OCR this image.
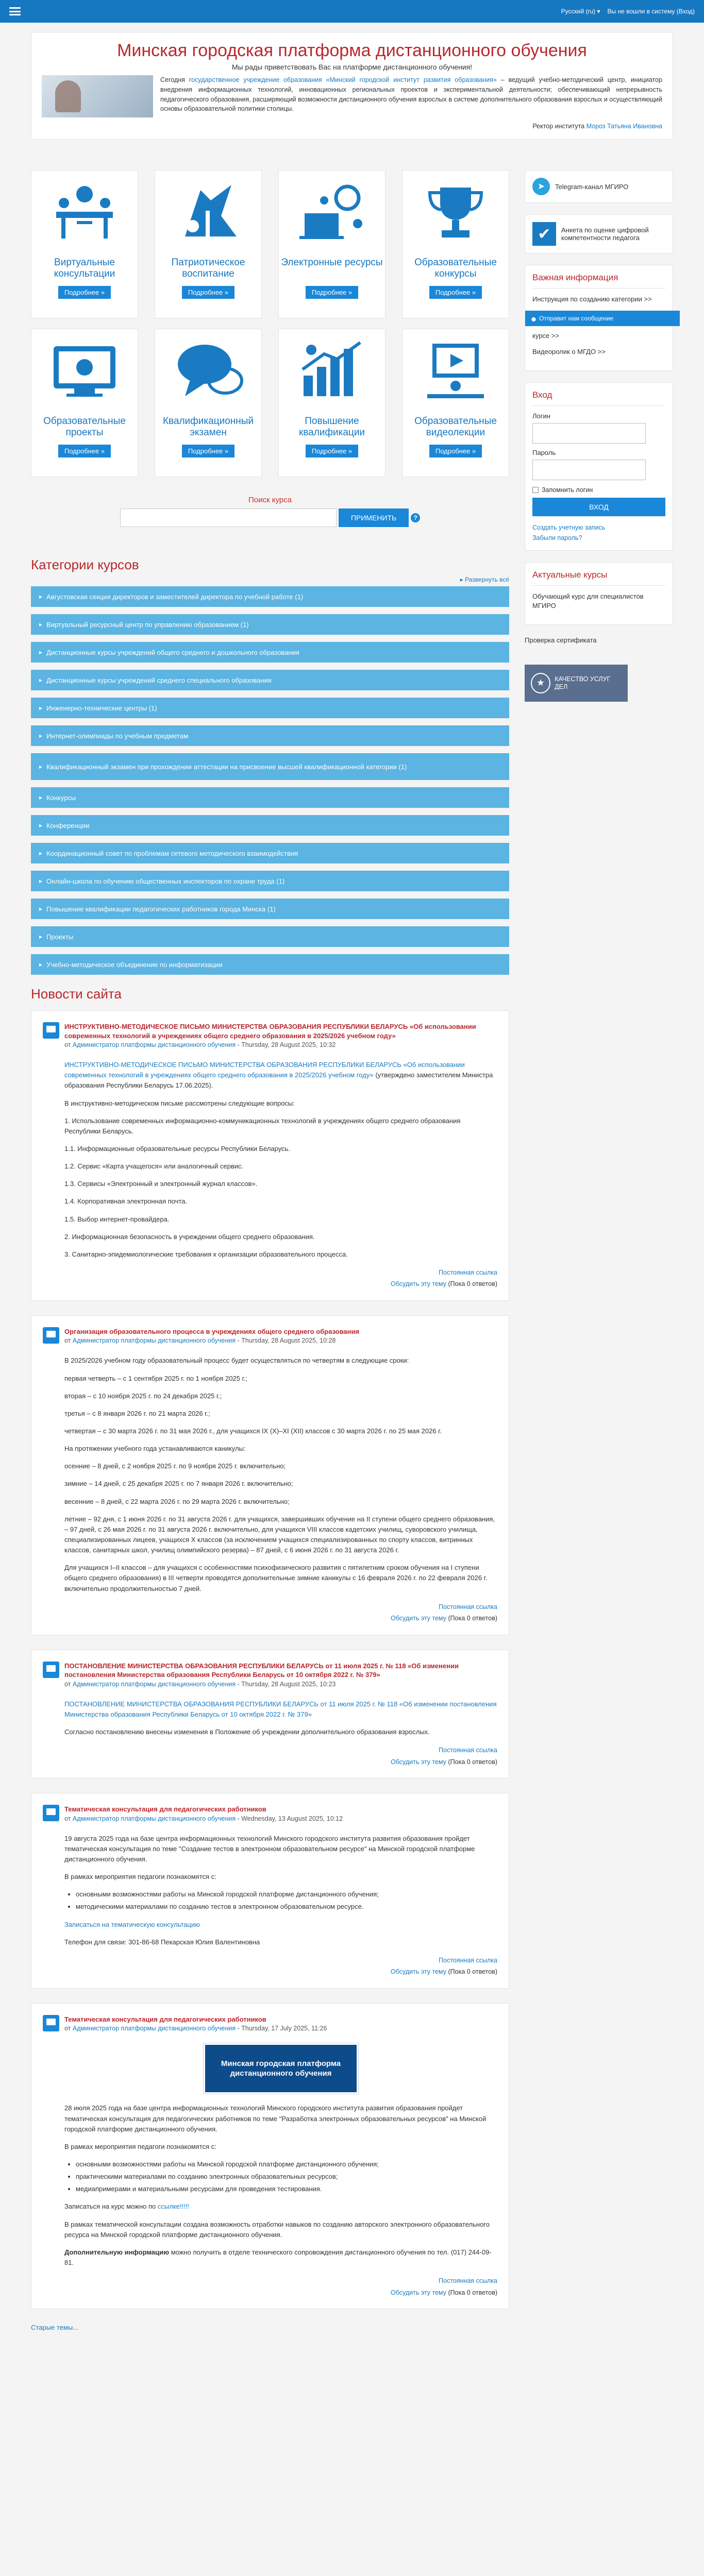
Русский (ru) ▾ Вы не вошли в систему (Вход)
Минская городская платформа дистанционного обучения
Мы рады приветствовать Вас на платформе дистанционного обучения!
Сегодня государственное учреждение образования «Минский городской институт развития образования» – ведущий учебно-методический центр, инициатор внедрения информационных технологий, инновационных региональных проектов и экспериментальной деятельности; обеспечивающий непрерывность педагогического образования, расширяющий возможности дистанционного обучения взрослых в системе дополнительного образования взрослых и осуществляющий основы образовательной политики столицы.
Ректор института Мороз Татьяна Ивановна
Виртуальные консультации
Подробнее »
Патриотическое воспитание
Подробнее »
Электронные ресурсы
Подробнее »
Образовательные конкурсы
Подробнее »
Образовательные проекты
Подробнее »
Квалификационный экзамен
Подробнее »
Повышение квалификации
Подробнее »
Образовательные видеолекции
Подробнее »
Поиск курса
ПРИМЕНИТЬ	?
Категории курсов
▸ Развернуть всё
▸ Августовская секция директоров и заместителей директора по учебной работе (1)
▸ Виртуальный ресурсный центр по управлению образованием (1)
▸ Дистанционные курсы учреждений общего среднего и дошкольного образования
▸ Дистанционные курсы учреждений среднего специального образования
▸ Инженерно-технические центры (1)
▸ Интернет-олимпиады по учебным предметам
▸ Квалификационный экзамен при прохождении аттестации на присвоение высшей квалификационной категории (1)
▸ Конкурсы
▸ Конференции
▸ Координационный совет по проблемам сетевого методического взаимодействия
▸ Онлайн-школа по обучению общественных инспекторов по охране труда (1)
▸ Повышение квалификации педагогических работников города Минска (1)
▸ Проекты
▸ Учебно-методическое объединение по информатизации
Новости сайта
ИНСТРУКТИВНО-МЕТОДИЧЕСКОЕ ПИСЬМО МИНИСТЕРСТВА ОБРАЗОВАНИЯ РЕСПУБЛИКИ БЕЛАРУСЬ «Об использовании современных технологий в учреждениях общего среднего образования в 2025/2026 учебном году»
от Администратор платформы дистанционного обучения - Thursday, 28 August 2025, 10:32

ИНСТРУКТИВНО-МЕТОДИЧЕСКОЕ ПИСЬМО МИНИСТЕРСТВА ОБРАЗОВАНИЯ РЕСПУБЛИКИ БЕЛАРУСЬ «Об использовании современных технологий в учреждениях общего среднего образования в 2025/2026 учебном году» (утверждено заместителем Министра образования Республики Беларусь 17.06.2025).

В инструктивно-методическом письме рассмотрены следующие вопросы:

1. Использование современных информационно-коммуникационных технологий в учреждениях общего среднего образования Республики Беларусь.

1.1. Информационные образовательные ресурсы Республики Беларусь.

1.2. Сервис «Карта учащегося» или аналогичный сервис.

1.3. Сервисы «Электронный и электронный журнал классов».

1.4. Корпоративная электронная почта.

1.5. Выбор интернет-провайдера.

2. Информационная безопасность в учреждении общего среднего образования.

3. Санитарно-эпидемиологические требования к организации образовательного процесса.

Постоянная ссылка
Обсудить эту тему (Пока 0 ответов)
Организация образовательного процесса в учреждениях общего среднего образования
от Администратор платформы дистанционного обучения - Thursday, 28 August 2025, 10:28

В 2025/2026 учебном году образовательный процесс будет осуществляться по четвертям в следующие сроки:

первая четверть – с 1 сентября 2025 г. по 1 ноября 2025 г.;

вторая – с 10 ноября 2025 г. по 24 декабря 2025 г.;

третья – с 8 января 2026 г. по 21 марта 2026 г.;

четвертая – с 30 марта 2026 г. по 31 мая 2026 г., для учащихся IX (X)–XI (XII) классов с 30 марта 2026 г. по 25 мая 2026 г.

На протяжении учебного года устанавливаются каникулы:

осенние – 8 дней, с 2 ноября 2025 г. по 9 ноября 2025 г. включительно;

зимние – 14 дней, с 25 декабря 2025 г. по 7 января 2026 г. включительно;

весенние – 8 дней, с 22 марта 2026 г. по 29 марта 2026 г. включительно;

летние – 92 дня, с 1 июня 2026 г. по 31 августа 2026 г. для учащихся, завершивших обучение на II ступени общего среднего образования, – 97 дней, с 26 мая 2026 г. по 31 августа 2026 г. включительно, для учащихся VIII классов кадетских училищ, суворовского училища, специализированных лицеев, учащихся X классов (за исключением учащихся специализированных по спорту классов, витринных классов, санитарных школ, училищ олимпийского резерва) – 87 дней, с 6 июня 2026 г. по 31 августа 2026 г.

Для учащихся I–II классов – для учащихся с особенностями психофизического развития с пятилетним сроком обучения на I ступени общего среднего образования) в III четверти проводятся дополнительные зимние каникулы с 16 февраля 2026 г. по 22 февраля 2026 г. включительно продолжительностью 7 дней.

Постоянная ссылка
Обсудить эту тему (Пока 0 ответов)
ПОСТАНОВЛЕНИЕ МИНИСТЕРСТВА ОБРАЗОВАНИЯ РЕСПУБЛИКИ БЕЛАРУСЬ от 11 июля 2025 г. № 118 «Об изменении постановления Министерства образования Республики Беларусь от 10 октября 2022 г. № 379»
от Администратор платформы дистанционного обучения - Thursday, 28 August 2025, 10:23

ПОСТАНОВЛЕНИЕ МИНИСТЕРСТВА ОБРАЗОВАНИЯ РЕСПУБЛИКИ БЕЛАРУСЬ от 11 июля 2025 г. № 118 «Об изменении постановления Министерства образования Республики Беларусь от 10 октября 2022 г. № 379»

Согласно постановлению внесены изменения в Положение об учреждении дополнительного образования взрослых.

Постоянная ссылка
Обсудить эту тему (Пока 0 ответов)
Тематическая консультация для педагогических работников
от Администратор платформы дистанционного обучения - Wednesday, 13 August 2025, 10:12

19 августа 2025 года на базе центра информационных технологий Минского городского института развития образования пройдет тематическая консультация по теме "Создание тестов в электронном образовательном ресурсе" на Минской городской платформе дистанционного обучения.

В рамках мероприятия педагоги познакомятся с:

• основными возможностями работы на Минской городской платформе дистанционного обучения;
• методическими материалами по созданию тестов в электронном образовательном ресурсе.

Записаться на тематическую консультацию

Телефон для связи: 301-86-68 Пекарская Юлия Валентиновна

Постоянная ссылка
Обсудить эту тему (Пока 0 ответов)
Тематическая консультация для педагогических работников
от Администратор платформы дистанционного обучения - Thursday, 17 July 2025, 11:26
Минская городская платформа дистанционного обучения

28 июля 2025 года на базе центра информационных технологий Минского городского института развития образования пройдет тематическая консультация для педагогических работников по теме "Разработка электронных образовательных ресурсов" на Минской городской платформе дистанционного обучения.

В рамках мероприятия педагоги познакомятся с:

• основными возможностями работы на Минской городской платформе дистанционного обучения;
• практическими материалами по созданию электронных образовательных ресурсов;
• медиапримерами и материальными ресурсами для проведения тестирования.

Записаться на курс можно по ссылке!!!!!

В рамках тематической консультации создана возможность отработки навыков по созданию авторского электронного образовательного ресурса на Минской городской платформе дистанционного обучения.

Дополнительную информацию можно получить в отделе технического сопровождения дистанционного обучения по тел. (017) 244-09-81.

Постоянная ссылка
Обсудить эту тему (Пока 0 ответов)
Старые темы...
➤	Telegram-канал МГИРО
✔	Анкета по оценке цифровой компетентности педагога
Важная информация
Инструкция по созданию категории >>
⬤ Отправит нам сообщение
курсе >>
Видеоролик о МГДО >>
Вход
Логин
Пароль
Запомнить логин
ВХОД
Создать учетную запись
Забыли пароль?
Актуальные курсы
Обучающий курс для специалистов МГИРО
Проверка сертификата
★	КАЧЕСТВО УСЛУГ ДЕЛ
